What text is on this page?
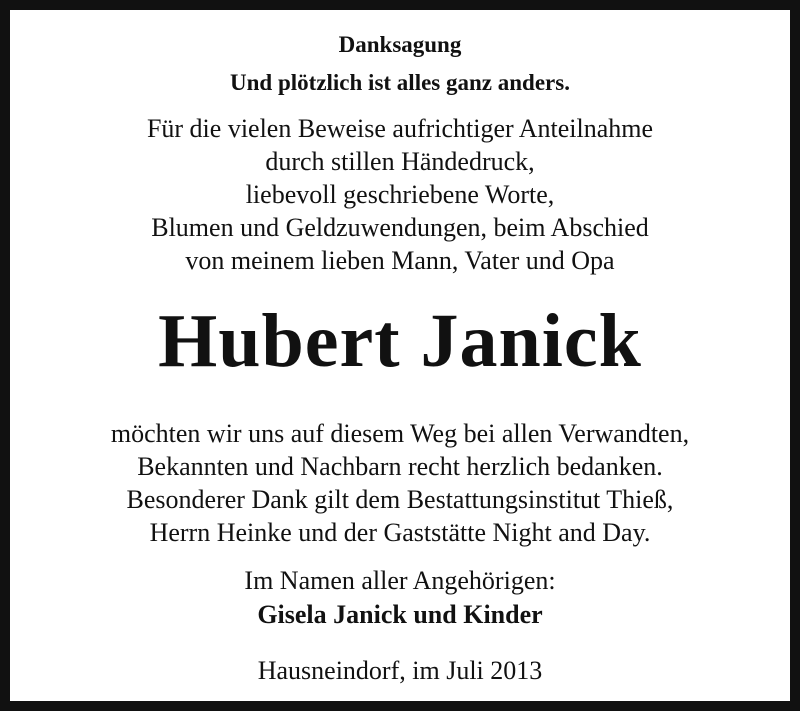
Danksagung

Und plötzlich ist alles ganz anders.

Für die vielen Beweise aufrichtiger Anteilnahme

durch stillen Händedruck,

liebevoll geschriebene Worte,

Blumen und Geldzuwendungen, beim Abschied

von meinem lieben Mann, Vater und Opa

Hubert Janick

möchten wir uns auf diesem Weg bei allen Verwandten,

Bekannten und Nachbarn recht herzlich bedanken.

Besonderer Dank gilt dem Bestattungsinstitut Thieß,

Herrn Heinke und der Gaststätte Night and Day.

Im Namen aller Angehörigen:

Gisela Janick und Kinder

Hausneindorf, im Juli 2013
